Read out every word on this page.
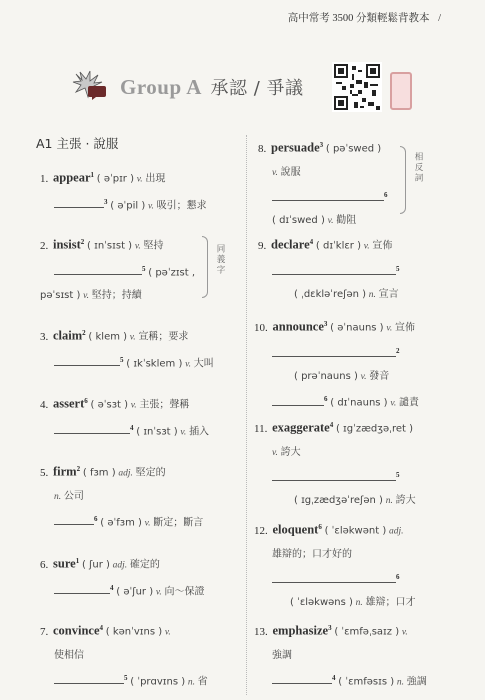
高中常考 3500 分類輕鬆背教本 /
Group A 承認 / 爭議
A1 主張 · 說服
1. appear$^1$ ( əˈpɪr ) v. 出現
$^3$ ( əˈpil ) v. 吸引；懇求
2. insist$^2$ ( ɪnˈsɪst ) v. 堅持
$^5$ ( pəˈzɪst ,
pəˈsɪst ) v. 堅持；持續
同義字
3. claim$^2$ ( klem ) v. 宣稱；要求
$^5$ ( ɪkˈsklem ) v. 大叫
4. assert$^6$ ( əˈsɜt ) v. 主張；聲稱
$^4$ ( ɪnˈsɜt ) v. 插入
5. firm$^2$ ( fɜm ) adj. 堅定的
n. 公司
$^6$ ( əˈfɜm ) v. 斷定；斷言
6. sure$^1$ ( ʃur ) adj. 確定的
$^4$ ( əˈʃur ) v. 向～保證
7. convince$^4$ ( kənˈvɪns ) v.
使相信
$^5$ ( ˈprɑvɪns ) n. 省
8. persuade$^3$ ( pəˈswed )
v. 說服
$^6$
( dɪˈswed ) v. 勸阻
相反詞
9. declare$^4$ ( dɪˈklɛr ) v. 宣佈
$^5$
( ˌdɛkləˈreʃən ) n. 宣言
10. announce$^3$ ( əˈnauns ) v. 宣佈
$^2$
( prəˈnauns ) v. 發音
$^6$ ( dɪˈnauns ) v. 譴責
11. exaggerate$^4$ ( ɪgˈzædʒəˌret )
v. 誇大
$^5$
( ɪgˌzædʒəˈreʃən ) n. 誇大
12. eloquent$^6$ ( ˈɛləkwənt ) adj.
雄辯的；口才好的
$^6$
( ˈɛləkwəns ) n. 雄辯；口才
13. emphasize$^3$ ( ˈɛmfəˌsaɪz ) v.
強調
$^4$ ( ˈɛmfəsɪs ) n. 強調
